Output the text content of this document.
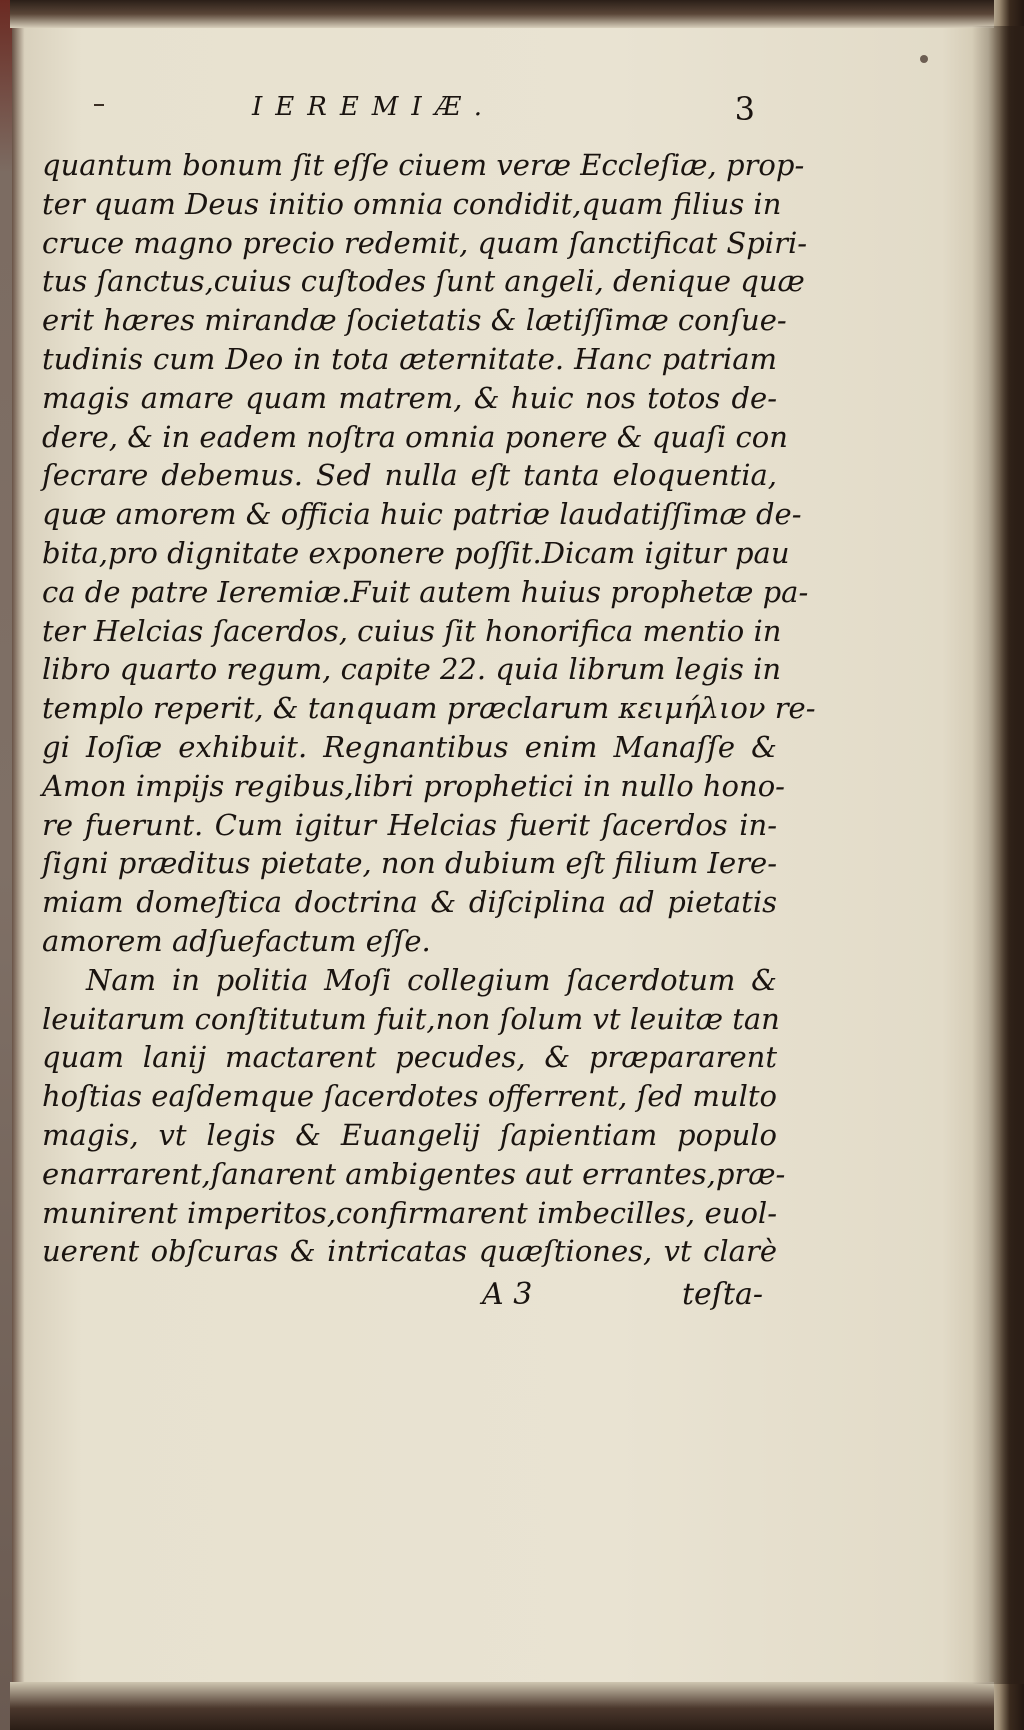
IEREMIÆ.	3
quantum bonum ſit eſſe ciuem veræ Eccleſiæ, prop-
ter quam Deus initio omnia condidit,quam filius in
cruce magno precio redemit, quam ſanctificat Spiri-
tus ſanctus,cuius cuſtodes ſunt angeli, denique quæ
erit hæres mirandæ ſocietatis & lætiſſimæ conſue-
tudinis cum Deo in tota æternitate. Hanc patriam
magis amare quam matrem, & huic nos totos de-
dere, & in eadem noſtra omnia ponere & quaſi con
ſecrare debemus. Sed nulla eſt tanta eloquentia,
quæ amorem & officia huic patriæ laudatiſſimæ de-
bita,pro dignitate exponere poſſit.Dicam igitur pau
ca de patre Ieremiæ.Fuit autem huius prophetæ pa-
ter Helcias ſacerdos, cuius ſit honorifica mentio in
libro quarto regum, capite 22. quia librum legis in
templo reperit, & tanquam præclarum κειμήλιον re-
gi Ioſiæ exhibuit. Regnantibus enim Manaſſe &
Amon impijs regibus,libri prophetici in nullo hono-
re fuerunt. Cum igitur Helcias fuerit ſacerdos in-
ſigni præditus pietate, non dubium eſt filium Iere-
miam domeſtica doctrina & diſciplina ad pietatis
amorem adſuefactum eſſe.
Nam in politia Moſi collegium ſacerdotum &
leuitarum conſtitutum fuit,non ſolum vt leuitæ tan
quam lanij mactarent pecudes, & præpararent
hoſtias eaſdemque ſacerdotes offerrent, ſed multo
magis, vt legis & Euangelij ſapientiam populo
enarrarent,ſanarent ambigentes aut errantes,præ-
munirent imperitos,confirmarent imbecilles, euol-
uerent obſcuras & intricatas quæſtiones, vt clarè
A 3	teſta-
